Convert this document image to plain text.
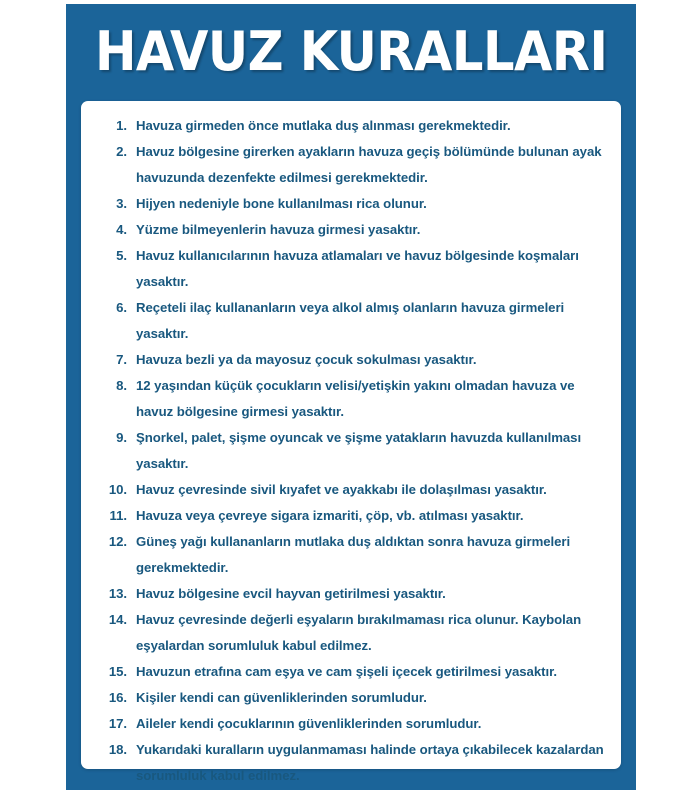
HAVUZ KURALLARI
1. Havuza girmeden önce mutlaka duş alınması gerekmektedir.
2. Havuz bölgesine girerken ayakların havuza geçiş bölümünde bulunan ayak havuzunda dezenfekte edilmesi gerekmektedir.
3. Hijyen nedeniyle bone kullanılması rica olunur.
4. Yüzme bilmeyenlerin havuza girmesi yasaktır.
5. Havuz kullanıcılarının havuza atlamaları ve havuz bölgesinde koşmaları yasaktır.
6. Reçeteli ilaç kullananların veya alkol almış olanların havuza girmeleri yasaktır.
7. Havuza bezli ya da mayosuz çocuk sokulması yasaktır.
8. 12 yaşından küçük çocukların velisi/yetişkin yakını olmadan havuza ve havuz bölgesine girmesi yasaktır.
9. Şnorkel, palet, şişme oyuncak ve şişme yatakların havuzda kullanılması yasaktır.
10. Havuz çevresinde sivil kıyafet ve ayakkabı ile dolaşılması yasaktır.
11. Havuza veya çevreye sigara izmariti, çöp, vb. atılması yasaktır.
12. Güneş yağı kullananların mutlaka duş aldıktan sonra havuza girmeleri gerekmektedir.
13. Havuz bölgesine evcil hayvan getirilmesi yasaktır.
14. Havuz çevresinde değerli eşyaların bırakılmaması rica olunur. Kaybolan eşyalardan sorumluluk kabul edilmez.
15. Havuzun etrafına cam eşya ve cam şişeli içecek getirilmesi yasaktır.
16. Kişiler kendi can güvenliklerinden sorumludur.
17. Aileler kendi çocuklarının güvenliklerinden sorumludur.
18. Yukarıdaki kuralların uygulanmaması halinde ortaya çıkabilecek kazalardan sorumluluk kabul edilmez.
